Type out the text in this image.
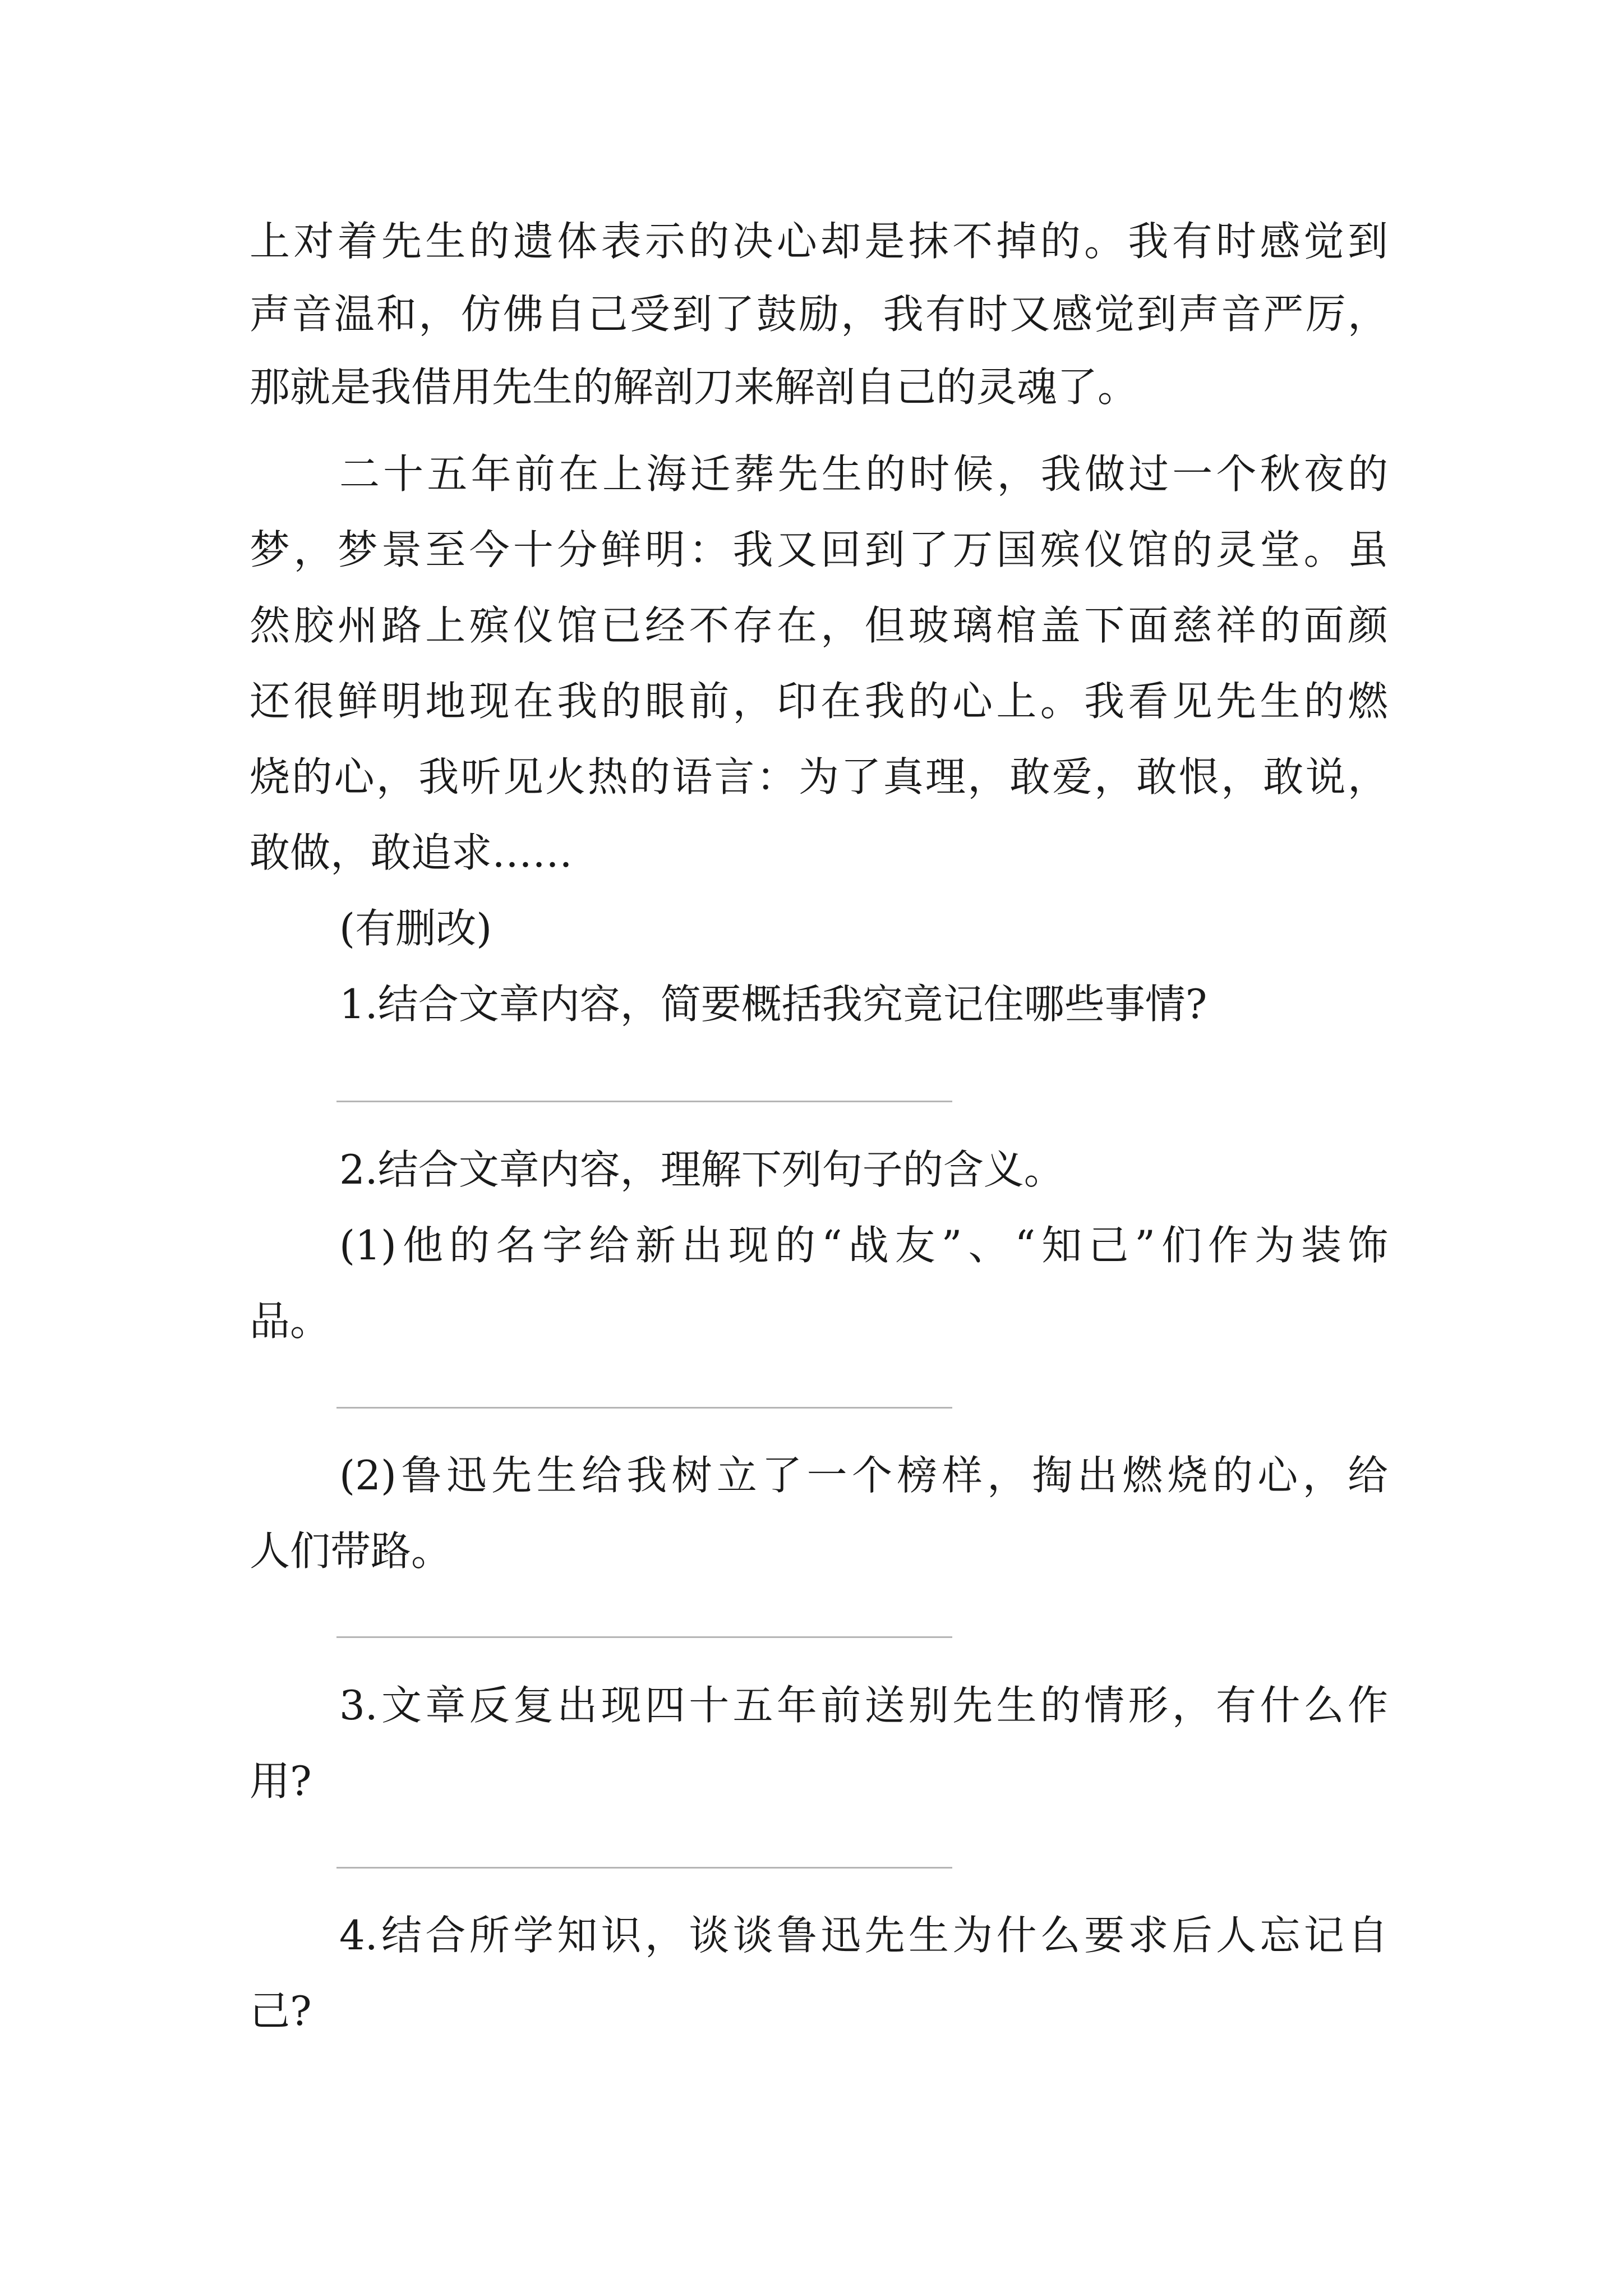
上对着先生的遗体表示的决心却是抹不掉的。我有时感觉到
声音温和，仿佛自己受到了鼓励，我有时又感觉到声音严厉，
那就是我借用先生的解剖刀来解剖自己的灵魂了。
二十五年前在上海迁葬先生的时候，我做过一个秋夜的
梦，梦景至今十分鲜明：我又回到了万国殡仪馆的灵堂。虽
然胶州路上殡仪馆已经不存在，但玻璃棺盖下面慈祥的面颜
还很鲜明地现在我的眼前，印在我的心上。我看见先生的燃
烧的心，我听见火热的语言：为了真理，敢爱，敢恨，敢说，
敢做，敢追求……
(有删改)
1.结合文章内容，简要概括我究竟记住哪些事情?
2.结合文章内容，理解下列句子的含义。
(1)他的名字给新出现的“战友”、“知己”们作为装饰
品。
(2)鲁迅先生给我树立了一个榜样，掏出燃烧的心，给
人们带路。
3.文章反复出现四十五年前送别先生的情形，有什么作
用?
4.结合所学知识，谈谈鲁迅先生为什么要求后人忘记自
己?
